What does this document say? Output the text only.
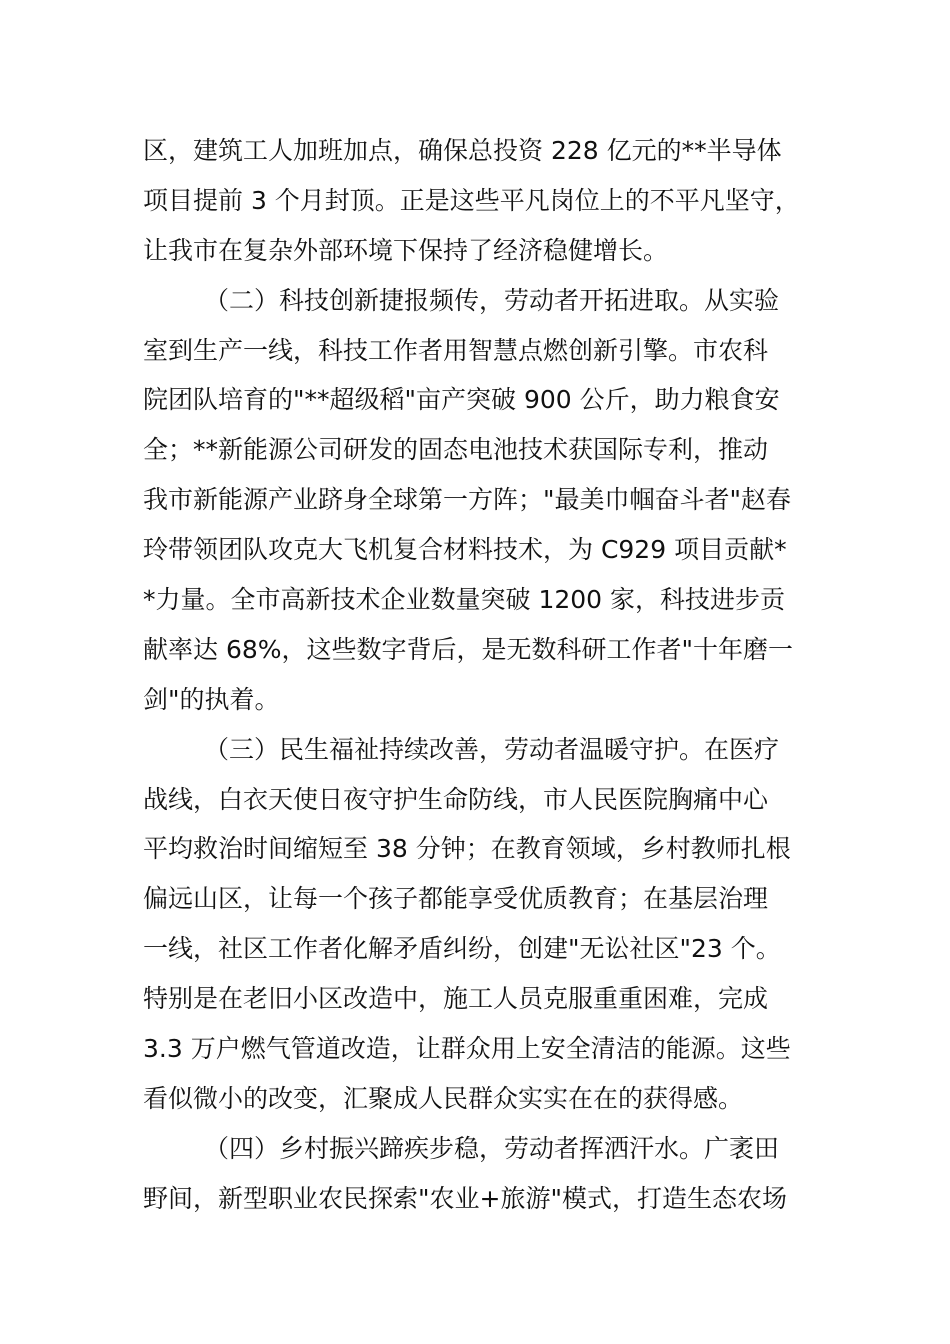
区，建筑工人加班加点，确保总投资 228 亿元的**半导体
项目提前 3 个月封顶。正是这些平凡岗位上的不平凡坚守，
让我市在复杂外部环境下保持了经济稳健增长。
（二）科技创新捷报频传，劳动者开拓进取。从实验
室到生产一线，科技工作者用智慧点燃创新引擎。市农科
院团队培育的"**超级稻"亩产突破 900 公斤，助力粮食安
全；**新能源公司研发的固态电池技术获国际专利，推动
我市新能源产业跻身全球第一方阵；"最美巾帼奋斗者"赵春
玲带领团队攻克大飞机复合材料技术，为 C929 项目贡献*
*力量。全市高新技术企业数量突破 1200 家，科技进步贡
献率达 68%，这些数字背后，是无数科研工作者"十年磨一
剑"的执着。
（三）民生福祉持续改善，劳动者温暖守护。在医疗
战线，白衣天使日夜守护生命防线，市人民医院胸痛中心
平均救治时间缩短至 38 分钟；在教育领域，乡村教师扎根
偏远山区，让每一个孩子都能享受优质教育；在基层治理
一线，社区工作者化解矛盾纠纷，创建"无讼社区"23 个。
特别是在老旧小区改造中，施工人员克服重重困难，完成
3.3 万户燃气管道改造，让群众用上安全清洁的能源。这些
看似微小的改变，汇聚成人民群众实实在在的获得感。
（四）乡村振兴蹄疾步稳，劳动者挥洒汗水。广袤田
野间，新型职业农民探索"农业+旅游"模式，打造生态农场
